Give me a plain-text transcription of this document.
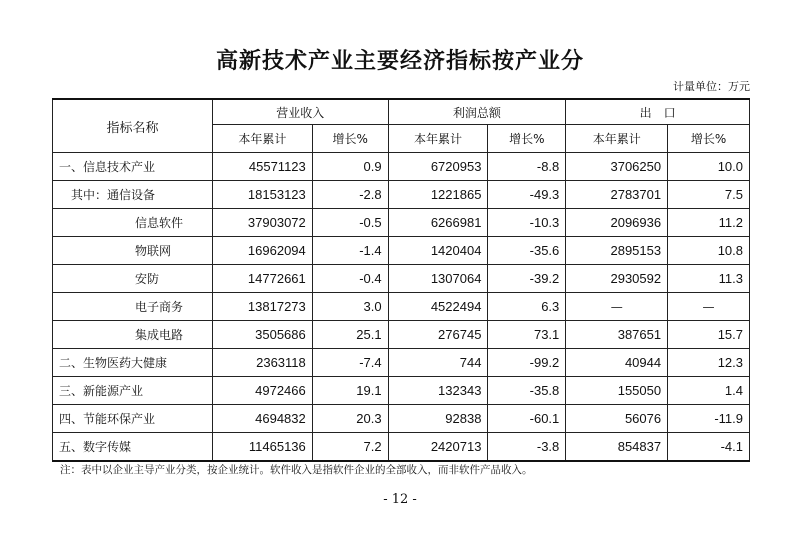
高新技术产业主要经济指标按产业分
计量单位：万元
指标名称	营业收入		利润总额		出　口	
	本年累计	增长%	本年累计	增长%	本年累计	增长%
一、信息技术产业	45571123	0.9	6720953	-8.8	3706250	10.0
其中：通信设备	18153123	-2.8	1221865	-49.3	2783701	7.5
信息软件	37903072	-0.5	6266981	-10.3	2096936	11.2
物联网	16962094	-1.4	1420404	-35.6	2895153	10.8
安防	14772661	-0.4	1307064	-39.2	2930592	11.3
电子商务	13817273	3.0	4522494	6.3	—	—
集成电路	3505686	25.1	276745	73.1	387651	15.7
二、生物医药大健康	2363118	-7.4	744	-99.2	40944	12.3
三、新能源产业	4972466	19.1	132343	-35.8	155050	1.4
四、节能环保产业	4694832	20.3	92838	-60.1	56076	-11.9
五、数字传媒	11465136	7.2	2420713	-3.8	854837	-4.1
注：表中以企业主导产业分类，按企业统计。软件收入是指软件企业的全部收入，而非软件产品收入。
- 12 -
